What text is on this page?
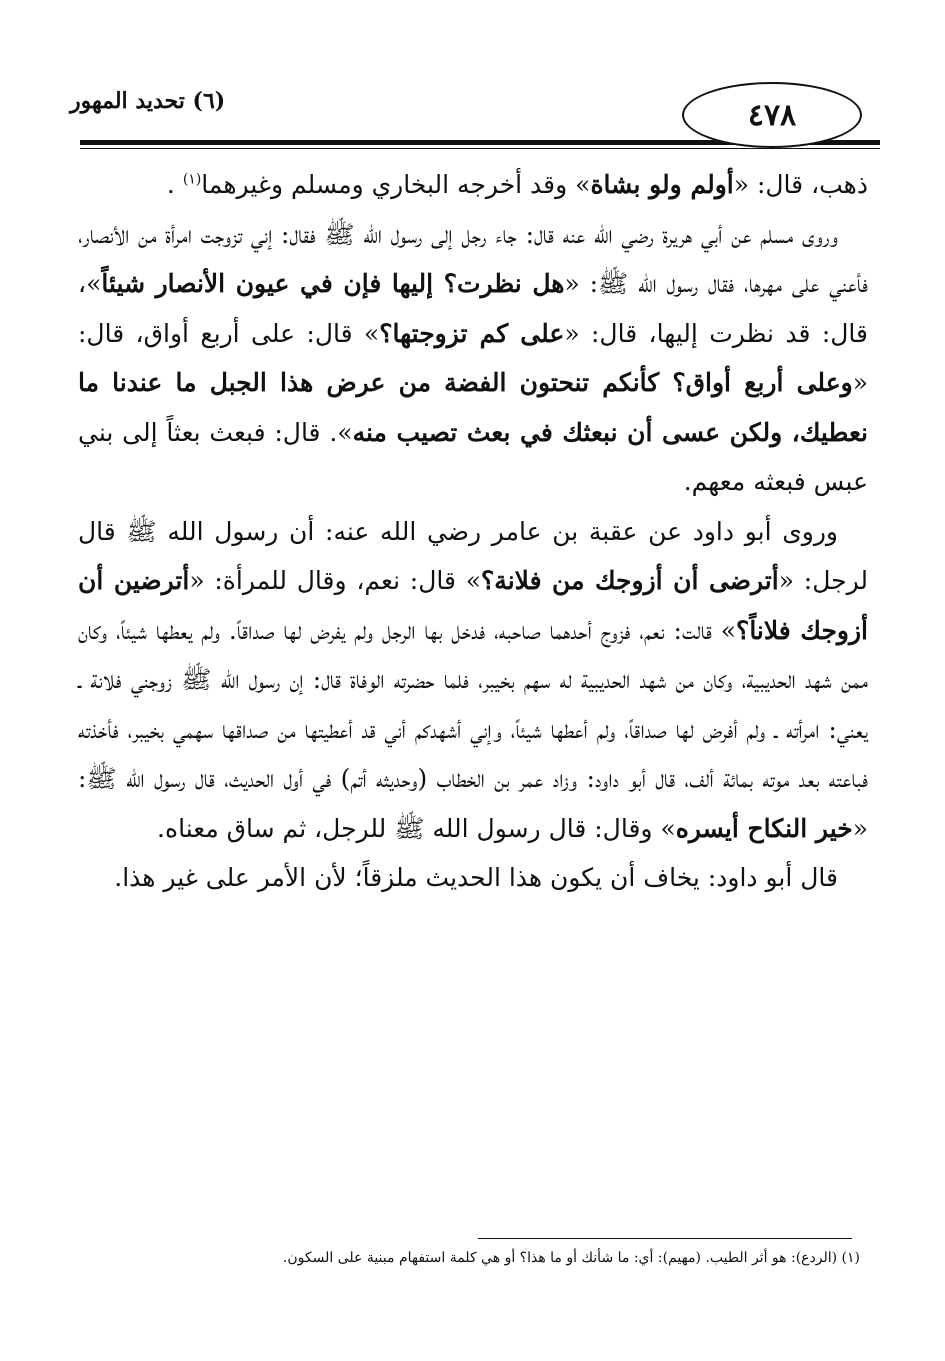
٤٧٨
(٦) تحديد المهور

ذهب، قال: «أولم ولو بشاة» وقد أخرجه البخاري ومسلم وغيرهما$^{(١)}$ .

وروى مسلم عن أبي هريرة رضي الله عنه قال: جاء رجل إلى رسول الله ﷺ فقال: إني تزوجت امرأة من الأنصار، فأعني على مهرها، فقال رسول الله ﷺ: «هل نظرت؟ إليها فإن في عيون الأنصار شيئاً»، قال: قد نظرت إليها، قال: «على كم تزوجتها؟» قال: على أربع أواق، قال: «وعلى أربع أواق؟ كأنكم تنحتون الفضة من عرض هذا الجبل ما عندنا ما نعطيك، ولكن عسى أن نبعثك في بعث تصيب منه». قال: فبعث بعثاً إلى بني عبس فبعثه معهم.

وروى أبو داود عن عقبة بن عامر رضي الله عنه: أن رسول الله ﷺ قال لرجل: «أترضى أن أزوجك من فلانة؟» قال: نعم، وقال للمرأة: «أترضين أن أزوجك فلاناً؟» قالت: نعم، فزوج أحدهما صاحبه، فدخل بها الرجل ولم يفرض لها صداقاً. ولم يعطها شيئاً، وكان ممن شهد الحديبية، وكان من شهد الحديبية له سهم بخيبر، فلما حضرته الوفاة قال: إن رسول الله ﷺ زوجني فلانة ـ يعني: امرأته ـ ولم أفرض لها صداقاً، ولم أعطها شيئاً، وإني أشهدكم أني قد أعطيتها من صداقها سهمي بخيبر، فأخذته فباعته بعد موته بمائة ألف، قال أبو داود: وزاد عمر بن الخطاب (وحديثه أتم) في أول الحديث، قال رسول الله ﷺ: «خير النكاح أيسره» وقال: قال رسول الله ﷺ للرجل، ثم ساق معناه.

قال أبو داود: يخاف أن يكون هذا الحديث ملزقاً؛ لأن الأمر على غير هذا.

(١) (الردع): هو أثر الطيب. (مهيم): أي: ما شأنك أو ما هذا؟ أو هي كلمة استفهام مبنية على السكون.
